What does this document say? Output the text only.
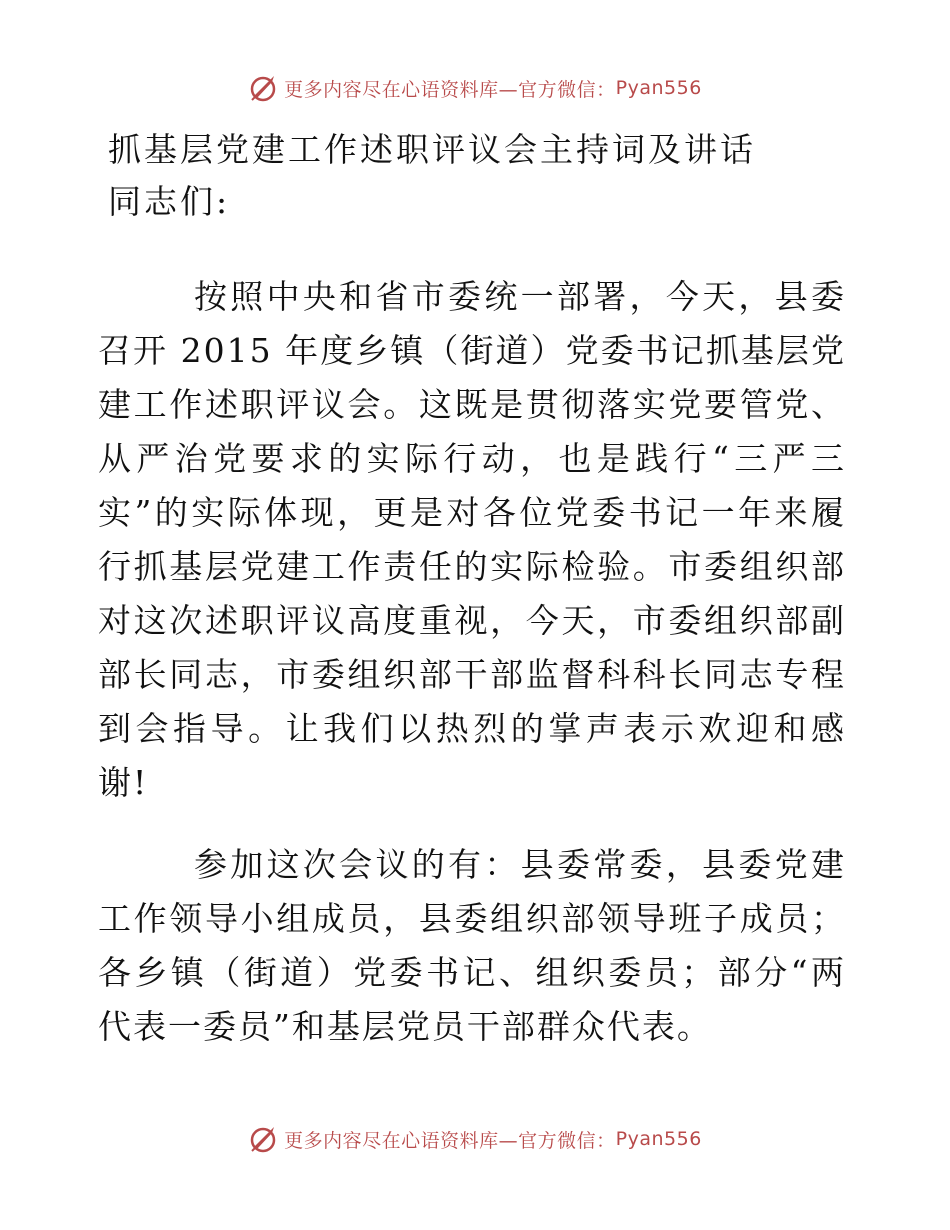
更多内容尽在心语资料库—官方微信： Pyan556
抓基层党建工作述职评议会主持词及讲话
同志们:

按照中央和省市委统一部署，今天，县委召开 2015 年度乡镇（街道）党委书记抓基层党建工作述职评议会。这既是贯彻落实党要管党、从严治党要求的实际行动，也是践行“三严三实”的实际体现，更是对各位党委书记一年来履行抓基层党建工作责任的实际检验。市委组织部对这次述职评议高度重视，今天，市委组织部副部长同志，市委组织部干部监督科科长同志专程到会指导。让我们以热烈的掌声表示欢迎和感谢!

参加这次会议的有：县委常委，县委党建工作领导小组成员，县委组织部领导班子成员；各乡镇（街道）党委书记、组织委员；部分“两代表一委员”和基层党员干部群众代表。

更多内容尽在心语资料库—官方微信： Pyan556
